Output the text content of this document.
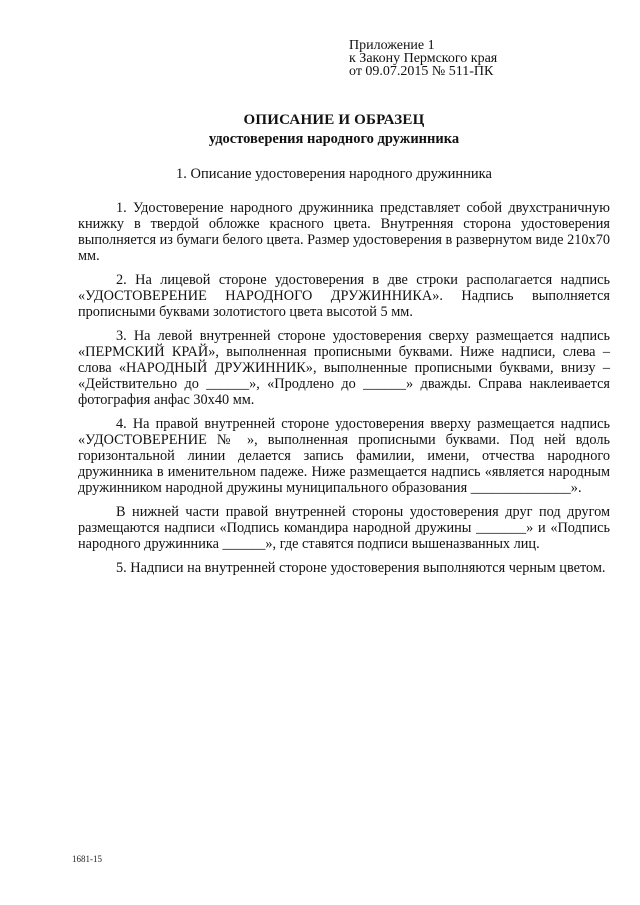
Приложение 1
к Закону Пермского края
от 09.07.2015 № 511-ПК
ОПИСАНИЕ И ОБРАЗЕЦ
удостоверения народного дружинника
1. Описание удостоверения народного дружинника

1. Удостоверение народного дружинника представляет собой двухстраничную книжку в твердой обложке красного цвета. Внутренняя сторона удостоверения выполняется из бумаги белого цвета. Размер удостоверения в развернутом виде 210х70 мм.

2. На лицевой стороне удостоверения в две строки располагается надпись «УДОСТОВЕРЕНИЕ НАРОДНОГО ДРУЖИННИКА». Надпись выполняется прописными буквами золотистого цвета высотой 5 мм.

3. На левой внутренней стороне удостоверения сверху размещается надпись «ПЕРМСКИЙ КРАЙ», выполненная прописными буквами. Ниже надписи, слева – слова «НАРОДНЫЙ ДРУЖИННИК», выполненные прописными буквами, внизу – «Действительно до ______», «Продлено до ______» дважды. Справа наклеивается фотография анфас 30х40 мм.

4. На правой внутренней стороне удостоверения вверху размещается надпись «УДОСТОВЕРЕНИЕ № », выполненная прописными буквами. Под ней вдоль горизонтальной линии делается запись фамилии, имени, отчества народного дружинника в именительном падеже. Ниже размещается надпись «является народным дружинником народной дружины муниципального образования ______________».

В нижней части правой внутренней стороны удостоверения друг под другом размещаются надписи «Подпись командира народной дружины _______» и «Подпись народного дружинника ______», где ставятся подписи вышеназванных лиц.

5. Надписи на внутренней стороне удостоверения выполняются черным цветом.

1681-15
